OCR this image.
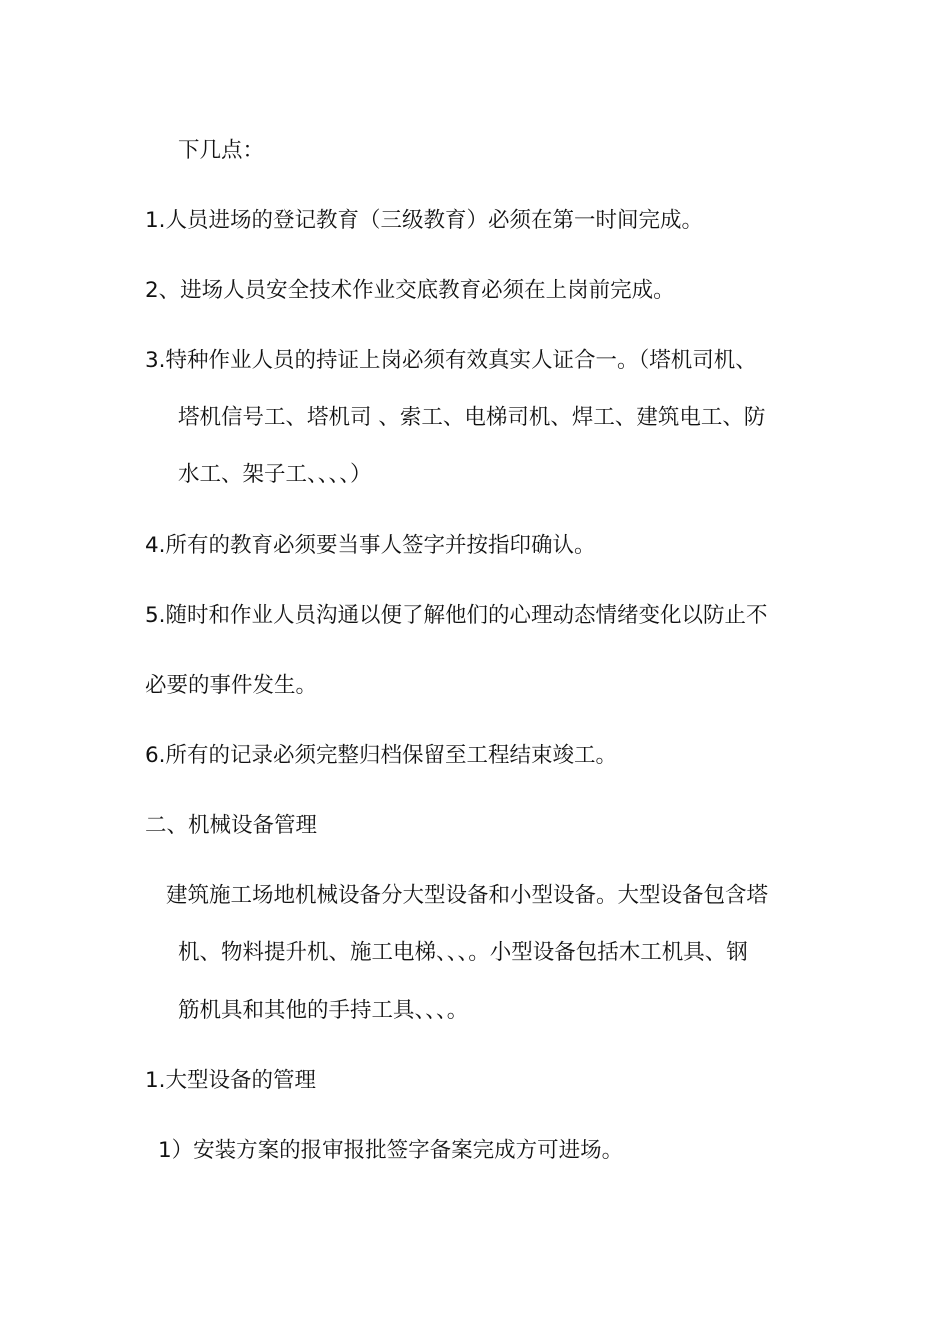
下几点：
1.人员进场的登记教育（三级教育）必须在第一时间完成。
2、进场人员安全技术作业交底教育必须在上岗前完成。
3.特种作业人员的持证上岗必须有效真实人证合一。（塔机司机、
塔机信号工、塔机司 、索工、电梯司机、焊工、建筑电工、防
水工、架子工、、、、）
4.所有的教育必须要当事人签字并按指印确认。
5.随时和作业人员沟通以便了解他们的心理动态情绪变化以防止不
必要的事件发生。
6.所有的记录必须完整归档保留至工程结束竣工。
二、机械设备管理
建筑施工场地机械设备分大型设备和小型设备。大型设备包含塔
机、物料提升机、施工电梯、、、。小型设备包括木工机具、钢
筋机具和其他的手持工具、、、。
1.大型设备的管理
1）安装方案的报审报批签字备案完成方可进场。
